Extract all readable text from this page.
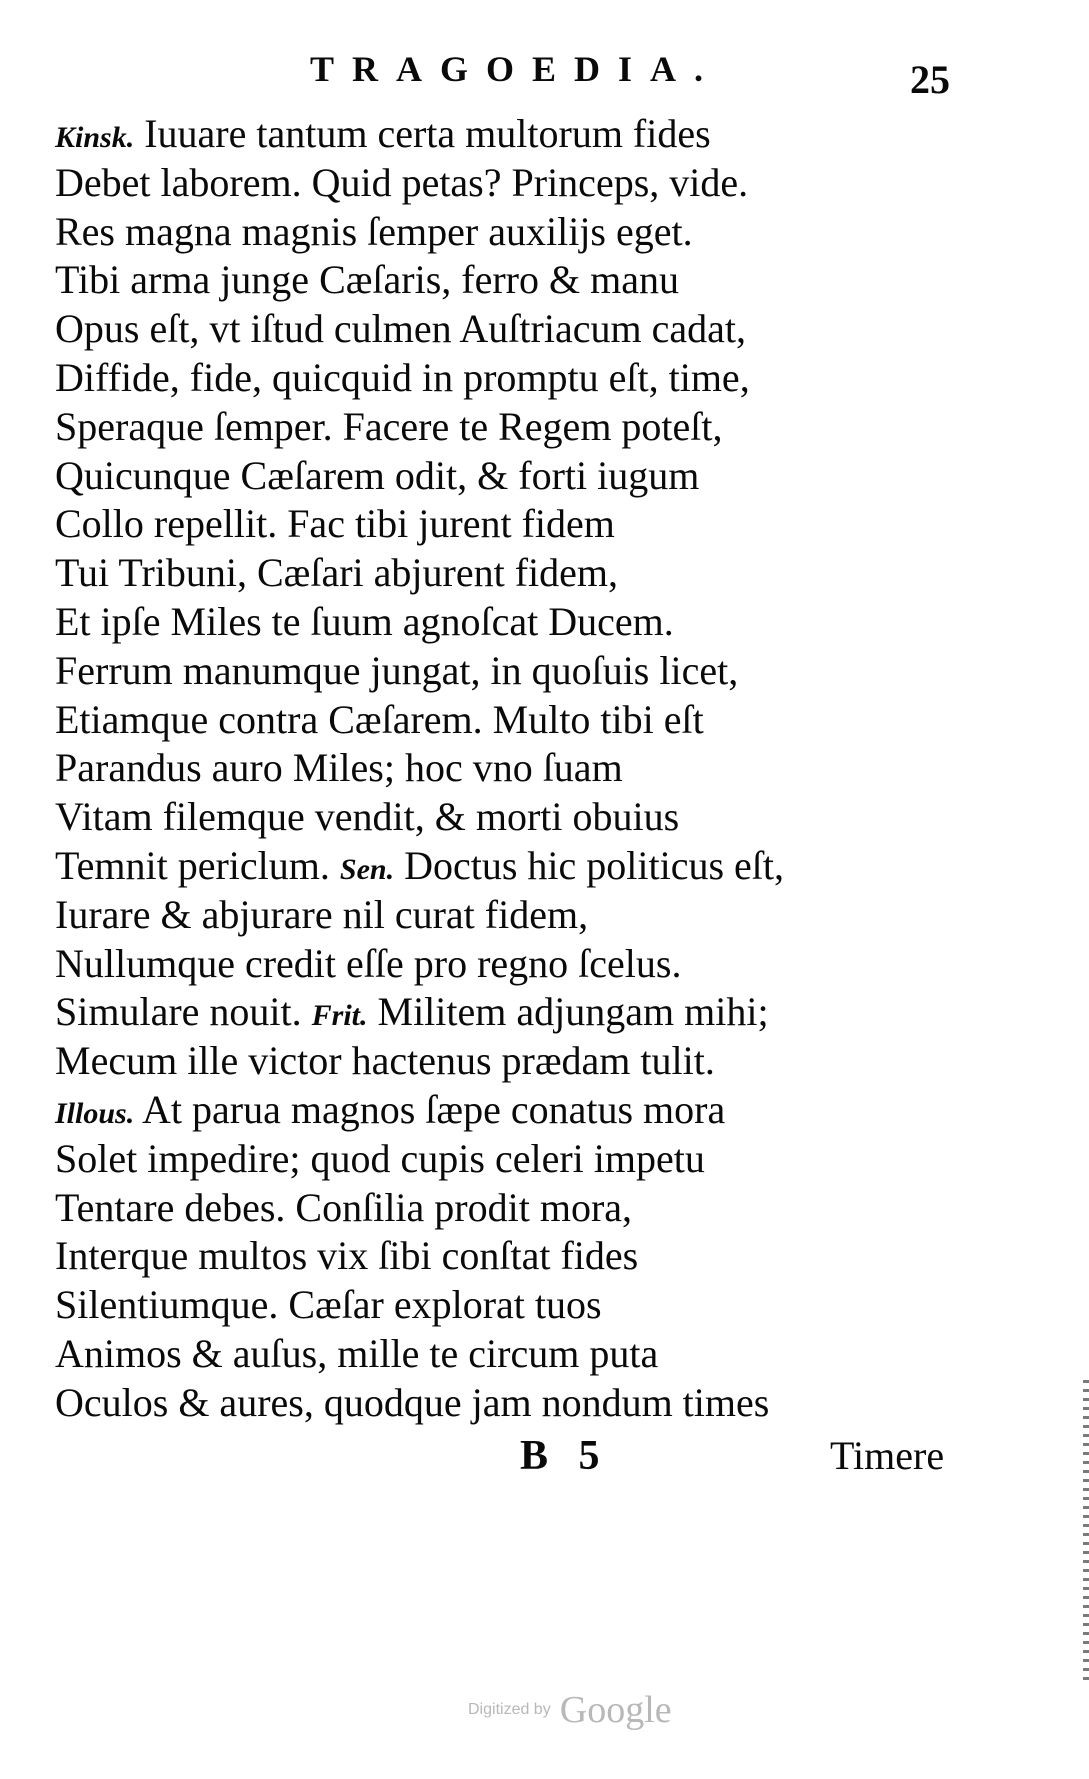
TRAGOEDIA.	25
Kinsk. Iuuare tantum certa multorum fides
Debet laborem. Quid petas? Princeps, vide.
Res magna magnis ſemper auxilijs eget.
Tibi arma junge Cæſaris, ferro & manu
Opus eſt, vt iſtud culmen Auſtriacum cadat,
Diffide, fide, quicquid in promptu eſt, time,
Speraque ſemper. Facere te Regem poteſt,
Quicunque Cæſarem odit, & forti iugum
Collo repellit. Fac tibi jurent fidem
Tui Tribuni, Cæſari abjurent fidem,
Et ipſe Miles te ſuum agnoſcat Ducem.
Ferrum manumque jungat, in quoſuis licet,
Etiamque contra Cæſarem. Multo tibi eſt
Parandus auro Miles; hoc vno ſuam
Vitam filemque vendit, & morti obuius
Temnit periclum. Sen. Doctus hic politicus eſt,
Iurare & abjurare nil curat fidem,
Nullumque credit eſſe pro regno ſcelus.
Simulare nouit. Frit. Militem adjungam mihi;
Mecum ille victor hactenus prædam tulit.
Illous. At parua magnos ſæpe conatus mora
Solet impedire; quod cupis celeri impetu
Tentare debes. Conſilia prodit mora,
Interque multos vix ſibi conſtat fides
Silentiumque. Cæſar explorat tuos
Animos & auſus, mille te circum puta
Oculos & aures, quodque jam nondum times
B 5	Timere
Digitized by Google
